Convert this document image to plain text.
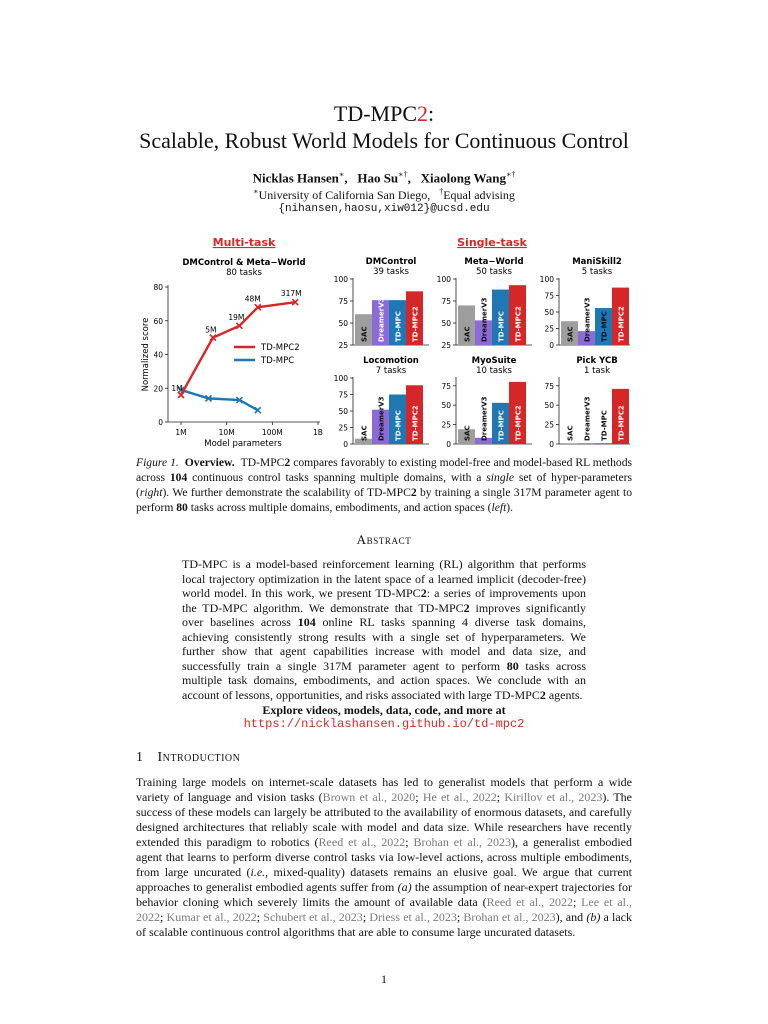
TD-MPC2:
Scalable, Robust World Models for Continuous Control
Nicklas Hansen∗,   Hao Su∗†,   Xiaolong Wang∗†
∗University of California San Diego, †Equal advising
{nihansen,haosu,xiw012}@ucsd.edu
Multi-task	Single-task
DMControl & Meta−World
80 tasks
0
20
40
60
80
1M	10M	100M	1B
Model parameters
Normalized score	1M
5M
19M
48M
317M
TD-MPC2
TD-MPC
DMControl
39 tasks
25
50
75
100
SAC DreamerV3 TD-MPC TD-MPC2
Meta−World
50 tasks
25
50
75
100
SAC DreamerV3 TD-MPC TD-MPC2
ManiSkill2
5 tasks
0
25
50
75
100
SAC DreamerV3 TD-MPC TD-MPC2
Locomotion
7 tasks
0
25
50
75
100
SAC DreamerV3 TD-MPC TD-MPC2
MyoSuite
10 tasks
0
25
50
75
SAC DreamerV3 TD-MPC TD-MPC2
Pick YCB
1 task
0
25
50
75
SAC DreamerV3 TD-MPC TD-MPC2
Figure 1. Overview. TD-MPC2 compares favorably to existing model-free and model-based RL methods across 104 continuous control tasks spanning multiple domains, with a single set of hyper-parameters (right). We further demonstrate the scalability of TD-MPC2 by training a single 317M parameter agent to perform 80 tasks across multiple domains, embodiments, and action spaces (left).
Abstract
TD-MPC is a model-based reinforcement learning (RL) algorithm that performs local trajectory optimization in the latent space of a learned implicit (decoder-free) world model. In this work, we present TD-MPC2: a series of improvements upon the TD-MPC algorithm. We demonstrate that TD-MPC2 improves significantly over baselines across 104 online RL tasks spanning 4 diverse task domains, achieving consistently strong results with a single set of hyperparameters. We further show that agent capabilities increase with model and data size, and successfully train a single 317M parameter agent to perform 80 tasks across multiple task domains, embodiments, and action spaces. We conclude with an account of lessons, opportunities, and risks associated with large TD-MPC2 agents.
Explore videos, models, data, code, and more at
https://nicklashansen.github.io/td-mpc2
1 Introduction
Training large models on internet-scale datasets has led to generalist models that perform a wide variety of language and vision tasks (Brown et al., 2020; He et al., 2022; Kirillov et al., 2023). The success of these models can largely be attributed to the availability of enormous datasets, and carefully designed architectures that reliably scale with model and data size. While researchers have recently extended this paradigm to robotics (Reed et al., 2022; Brohan et al., 2023), a generalist embodied agent that learns to perform diverse control tasks via low-level actions, across multiple embodiments, from large uncurated (i.e., mixed-quality) datasets remains an elusive goal. We argue that current approaches to generalist embodied agents suffer from (a) the assumption of near-expert trajectories for behavior cloning which severely limits the amount of available data (Reed et al., 2022; Lee et al., 2022; Kumar et al., 2022; Schubert et al., 2023; Driess et al., 2023; Brohan et al., 2023), and (b) a lack of scalable continuous control algorithms that are able to consume large uncurated datasets.
1
